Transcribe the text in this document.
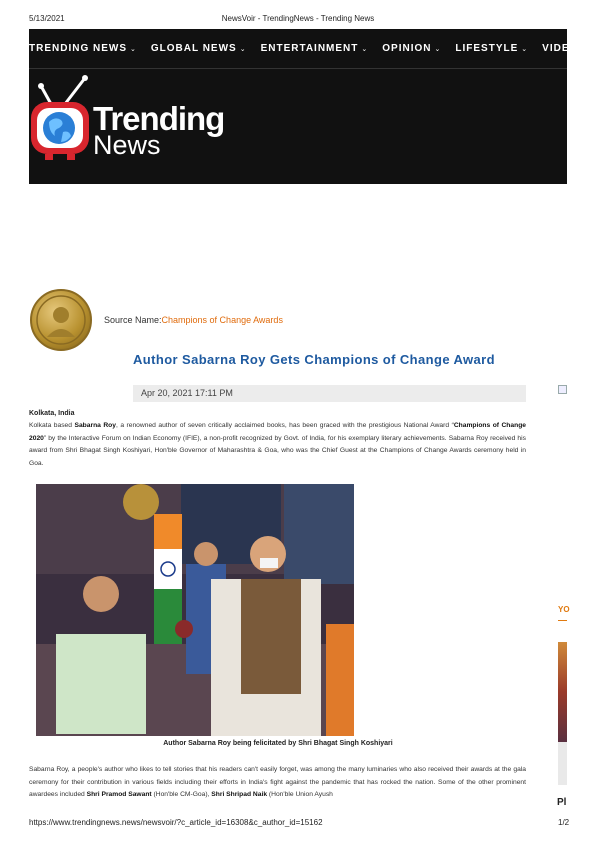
5/13/2021	NewsVoir - TrendingNews - Trending News
TRENDING NEWS ⌄ GLOBAL NEWS ⌄ ENTERTAINMENT ⌄ OPINION ⌄ LIFESTYLE ⌄ VIDEOS
Trending
News
Source Name:Champions of Change Awards
Author Sabarna Roy Gets Champions of Change Award
Apr 20, 2021 17:11 PM
Kolkata, India
Kolkata based Sabarna Roy, a renowned author of seven critically acclaimed books, has been graced with the prestigious National Award “Champions of Change 2020” by the Interactive Forum on Indian Economy (IFIE), a non-profit recognized by Govt. of India, for his exemplary literary achievements. Sabarna Roy received his award from Shri Bhagat Singh Koshiyari, Hon'ble Governor of Maharashtra & Goa, who was the Chief Guest at the Champions of Change Awards ceremony held in Goa.
Author Sabarna Roy being felicitated by Shri Bhagat Singh Koshiyari
Sabarna Roy, a people's author who likes to tell stories that his readers can't easily forget, was among the many luminaries who also received their awards at the gala ceremony for their contribution in various fields including their efforts in India's fight against the pandemic that has rocked the nation. Some of the other prominent awardees included Shri Pramod Sawant (Hon'ble CM-Goa), Shri Shripad Naik (Hon'ble Union Ayush
YO
Pl
https://www.trendingnews.news/newsvoir/?c_article_id=16308&c_author_id=15162	1/2
